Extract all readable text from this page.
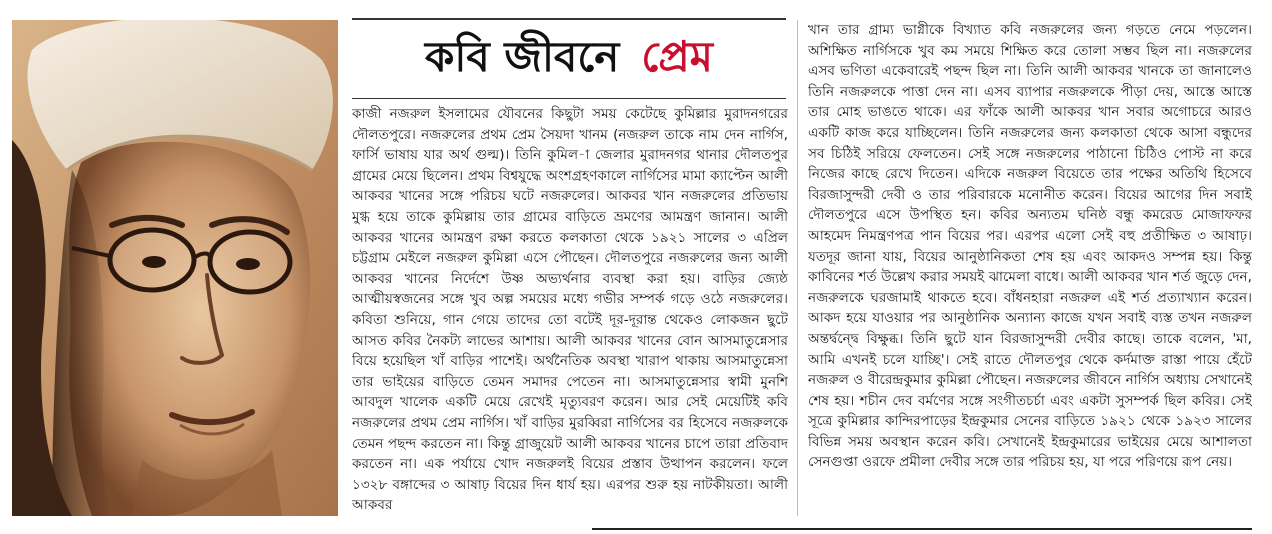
কবি জীবনে প্রেম
কাজী নজরুল ইসলামের যৌবনের কিছুটা সময় কেটেছে কুমিল্লার মুরাদনগরের দৌলতপুরে। নজরুলের প্রথম প্রেম সৈয়দা খানম (নজরুল তাকে নাম দেন নার্গিস, ফার্সি ভাষায় যার অর্থ গুল্ম)। তিনি কুমিল-া জেলার মুরাদনগর থানার দৌলতপুর গ্রামের মেয়ে ছিলেন। প্রথম বিশ্বযুদ্ধে অংশগ্রহণকালে নার্গিসের মামা ক্যাপ্টেন আলী আকবর খানের সঙ্গে পরিচয় ঘটে নজরুলের। আকবর খান নজরুলের প্রতিভায় মুগ্ধ হয়ে তাকে কুমিল্লায় তার গ্রামের বাড়িতে ভ্রমণের আমন্ত্রণ জানান। আলী আকবর খানের আমন্ত্রণ রক্ষা করতে কলকাতা থেকে ১৯২১ সালের ৩ এপ্রিল চট্টগ্রাম মেইলে নজরুল কুমিল্লা এসে পৌছেন। দৌলতপুরে নজরুলের জন্য আলী আকবর খানের নির্দেশে উষ্ণ অভ্যর্থনার ব্যবস্থা করা হয়। বাড়ির জ্যেষ্ঠ আত্মীয়স্বজনের সঙ্গে খুব অল্প সময়ের মধ্যে গভীর সম্পর্ক গড়ে ওঠে নজরুলের। কবিতা শুনিয়ে, গান গেয়ে তাদের তো বটেই দূর-দূরান্ত থেকেও লোকজন ছুটে আসত কবির নৈকট্য লাভের আশায়। আলী আকবর খানের বোন আসমাতুন্নেসার বিয়ে হয়েছিল খাঁ বাড়ির পাশেই। অর্থনৈতিক অবস্থা খারাপ থাকায় আসমাতুন্নেসা তার ভাইয়ের বাড়িতে তেমন সমাদর পেতেন না। আসমাতুন্নেসার স্বামী মুনশি আবদুল খালেক একটি মেয়ে রেখেই মৃত্যুবরণ করেন। আর সেই মেয়েটিই কবি নজরুলের প্রথম প্রেম নার্গিস। খাঁ বাড়ির মুরব্বিরা নার্গিসের বর হিসেবে নজরুলকে তেমন পছন্দ করতেন না। কিন্তু গ্রাজুয়েট আলী আকবর খানের চাপে তারা প্রতিবাদ করতেন না। এক পর্যায়ে খোদ নজরুলই বিয়ের প্রস্তাব উত্থাপন করলেন। ফলে ১৩২৮ বঙ্গাব্দের ৩ আষাঢ় বিয়ের দিন ধার্য হয়। এরপর শুরু হয় নাটকীয়তা। আলী আকবর
খান তার গ্রাম্য ভাগ্নীকে বিখ্যাত কবি নজরুলের জন্য গড়তে নেমে পড়লেন। অশিক্ষিত নার্গিসকে খুব কম সময়ে শিক্ষিত করে তোলা সম্ভব ছিল না। নজরুলের এসব ভণিতা একেবারেই পছন্দ ছিল না। তিনি আলী আকবর খানকে তা জানালেও তিনি নজরুলকে পাত্তা দেন না। এসব ব্যাপার নজরুলকে পীড়া দেয়, আস্তে আস্তে তার মোহ ভাঙতে থাকে। এর ফাঁকে আলী আকবর খান সবার অগোচরে আরও একটি কাজ করে যাচ্ছিলেন। তিনি নজরুলের জন্য কলকাতা থেকে আসা বন্ধুদের সব চিঠিই সরিয়ে ফেলতেন। সেই সঙ্গে নজরুলের পাঠানো চিঠিও পোস্ট না করে নিজের কাছে রেখে দিতেন। এদিকে নজরুল বিয়েতে তার পক্ষের অতিথি হিসেবে বিরজাসুন্দরী দেবী ও তার পরিবারকে মনোনীত করেন। বিয়ের আগের দিন সবাই দৌলতপুরে এসে উপস্থিত হন। কবির অন্যতম ঘনিষ্ঠ বন্ধু কমরেড মোজাফফর আহমেদ নিমন্ত্রণপত্র পান বিয়ের পর। এরপর এলো সেই বহু প্রতীক্ষিত ৩ আষাঢ়। যতদূর জানা যায়, বিয়ের আনুষ্ঠানিকতা শেষ হয় এবং আকদও সম্পন্ন হয়। কিন্তু কাবিনের শর্ত উল্লেখ করার সময়ই ঝামেলা বাধে। আলী আকবর খান শর্ত জুড়ে দেন, নজরুলকে ঘরজামাই থাকতে হবে। বাঁধনহারা নজরুল এই শর্ত প্রত্যাখ্যান করেন। আকদ হয়ে যাওয়ার পর আনুষ্ঠানিক অন্যান্য কাজে যখন সবাই ব্যস্ত তখন নজরুল অন্তর্দ্বন্দ্বে বিক্ষুব্ধ। তিনি ছুটে যান বিরজাসুন্দরী দেবীর কাছে। তাকে বলেন, 'মা, আমি এখনই চলে যাচ্ছি'। সেই রাতে দৌলতপুর থেকে কর্দমাক্ত রাস্তা পায়ে হেঁটে নজরুল ও বীরেন্দ্রকুমার কুমিল্লা পৌছেন। নজরুলের জীবনে নার্গিস অধ্যায় সেখানেই শেষ হয়। শচীন দেব বর্মণের সঙ্গে সংগীতচর্চা এবং একটা সুসম্পর্ক ছিল কবির। সেই সূত্রে কুমিল্লার কান্দিরপাড়ের ইন্দ্রকুমার সেনের বাড়িতে ১৯২১ থেকে ১৯২৩ সালের বিভিন্ন সময় অবস্থান করেন কবি। সেখানেই ইন্দ্রকুমারের ভাইয়ের মেয়ে আশালতা সেনগুপ্তা ওরফে প্রমীলা দেবীর সঙ্গে তার পরিচয় হয়, যা পরে পরিণয়ে রূপ নেয়।
